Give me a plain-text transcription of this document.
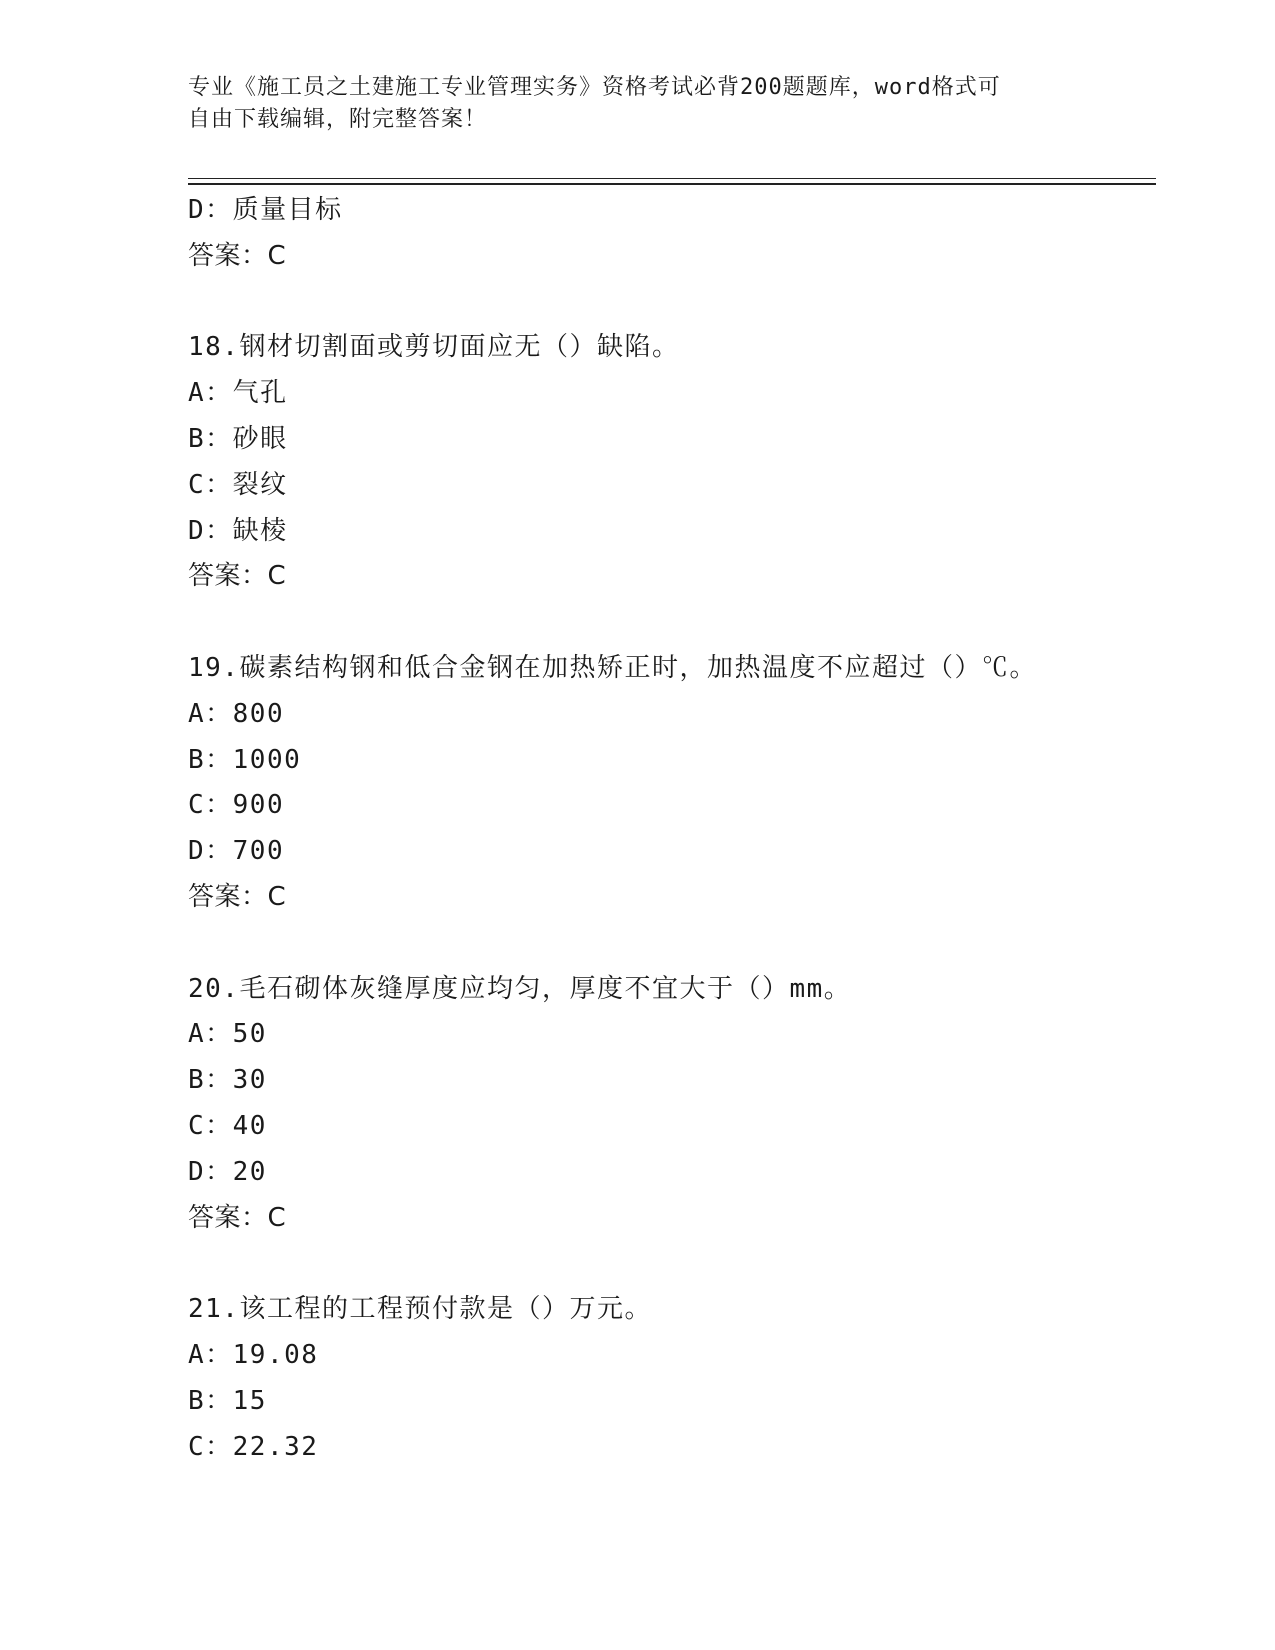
专业《施工员之土建施工专业管理实务》资格考试必背200题题库，word格式可
自由下载编辑，附完整答案！
D：质量目标
答案：C
18.钢材切割面或剪切面应无（）缺陷。
A：气孔
B：砂眼
C：裂纹
D：缺棱
答案：C
19.碳素结构钢和低合金钢在加热矫正时，加热温度不应超过（）℃。
A：800
B：1000
C：900
D：700
答案：C
20.毛石砌体灰缝厚度应均匀，厚度不宜大于（）mm。
A：50
B：30
C：40
D：20
答案：C
21.该工程的工程预付款是（）万元。
A：19.08
B：15
C：22.32
